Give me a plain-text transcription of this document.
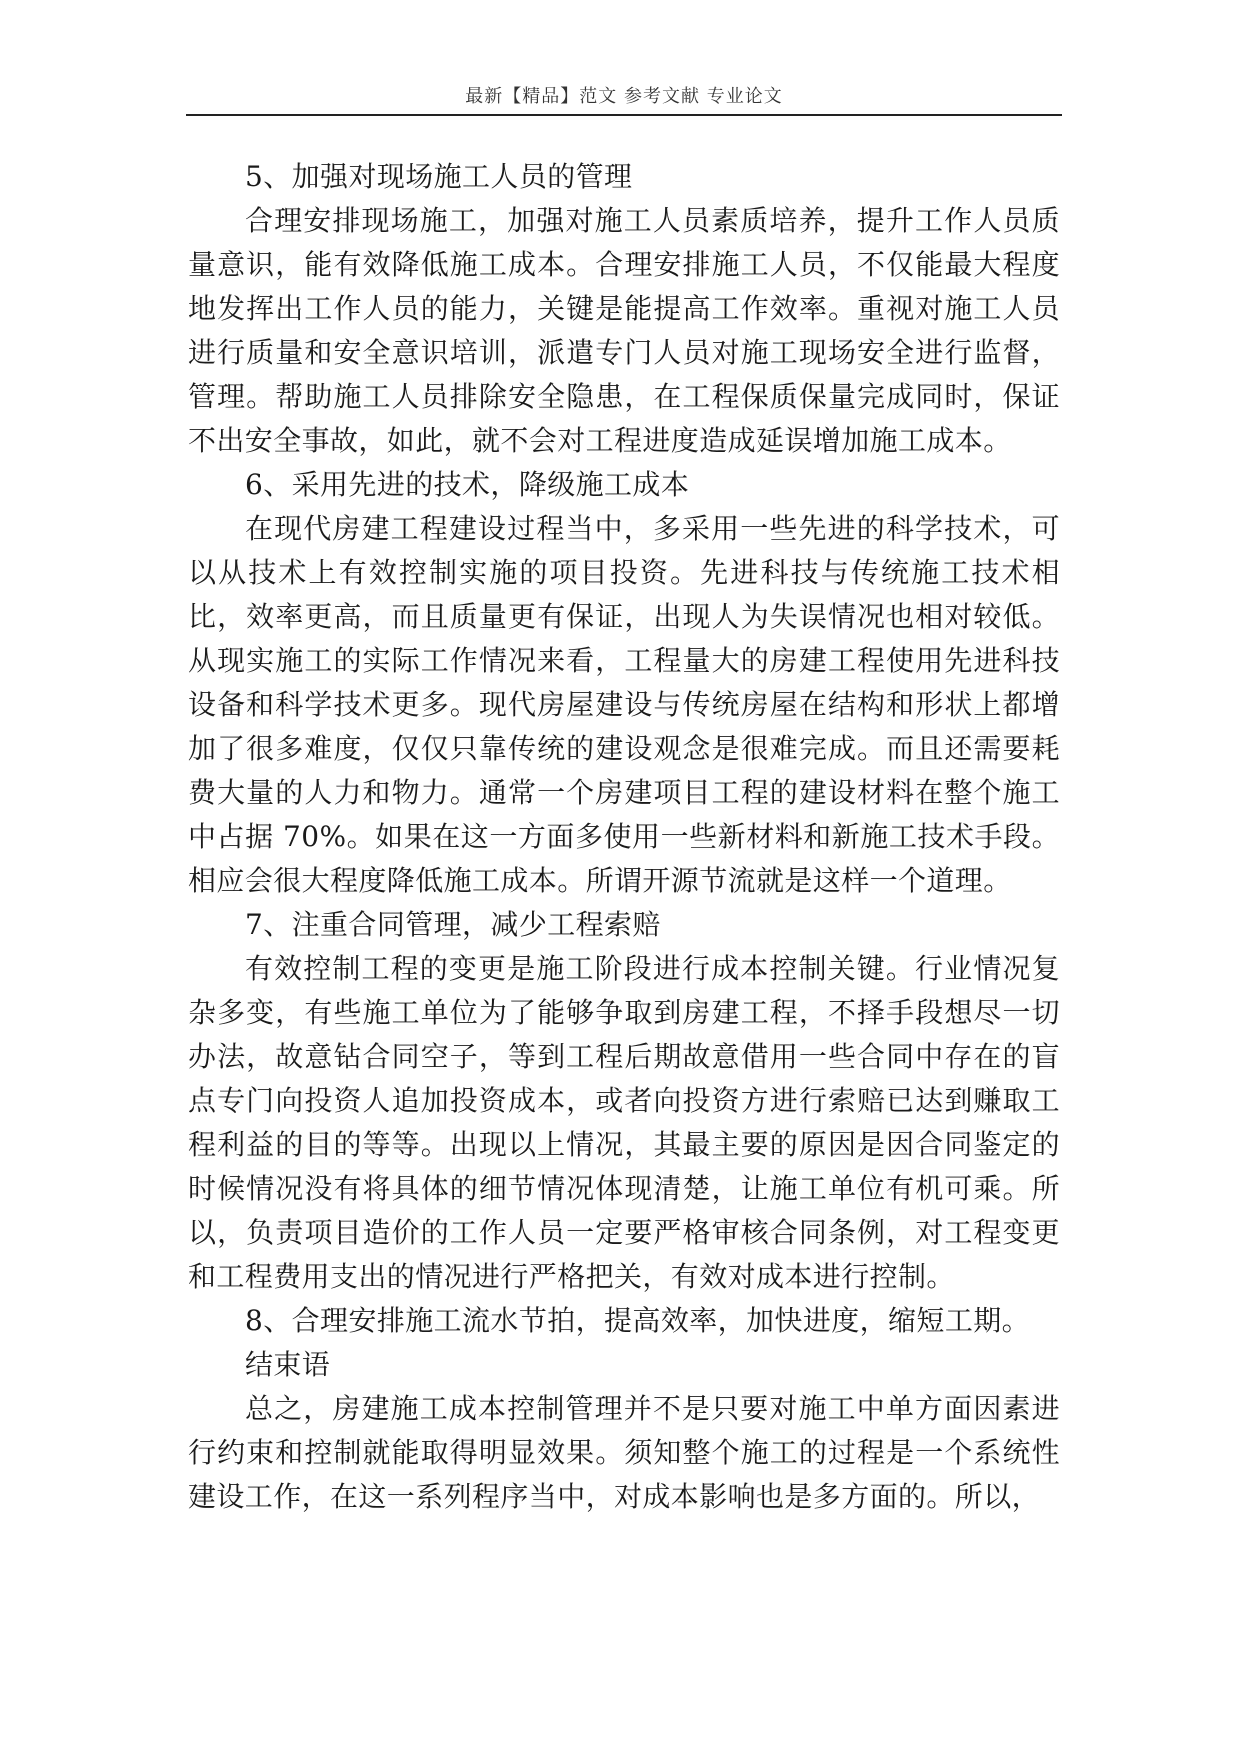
最新【精品】范文 参考文献 专业论文

5、加强对现场施工人员的管理

合理安排现场施工，加强对施工人员素质培养，提升工作人员质量意识，能有效降低施工成本。合理安排施工人员，不仅能最大程度地发挥出工作人员的能力，关键是能提高工作效率。重视对施工人员进行质量和安全意识培训，派遣专门人员对施工现场安全进行监督，管理。帮助施工人员排除安全隐患，在工程保质保量完成同时，保证不出安全事故，如此，就不会对工程进度造成延误增加施工成本。

6、采用先进的技术，降级施工成本

在现代房建工程建设过程当中，多采用一些先进的科学技术，可以从技术上有效控制实施的项目投资。先进科技与传统施工技术相比，效率更高，而且质量更有保证，出现人为失误情况也相对较低。从现实施工的实际工作情况来看，工程量大的房建工程使用先进科技设备和科学技术更多。现代房屋建设与传统房屋在结构和形状上都增加了很多难度，仅仅只靠传统的建设观念是很难完成。而且还需要耗费大量的人力和物力。通常一个房建项目工程的建设材料在整个施工中占据 70%。如果在这一方面多使用一些新材料和新施工技术手段。相应会很大程度降低施工成本。所谓开源节流就是这样一个道理。

7、注重合同管理，减少工程索赔

有效控制工程的变更是施工阶段进行成本控制关键。行业情况复杂多变，有些施工单位为了能够争取到房建工程，不择手段想尽一切办法，故意钻合同空子，等到工程后期故意借用一些合同中存在的盲点专门向投资人追加投资成本，或者向投资方进行索赔已达到赚取工程利益的目的等等。出现以上情况，其最主要的原因是因合同鉴定的时候情况没有将具体的细节情况体现清楚，让施工单位有机可乘。所以，负责项目造价的工作人员一定要严格审核合同条例，对工程变更和工程费用支出的情况进行严格把关，有效对成本进行控制。

8、合理安排施工流水节拍，提高效率，加快进度，缩短工期。

结束语

总之，房建施工成本控制管理并不是只要对施工中单方面因素进行约束和控制就能取得明显效果。须知整个施工的过程是一个系统性建设工作，在这一系列程序当中，对成本影响也是多方面的。所以，
